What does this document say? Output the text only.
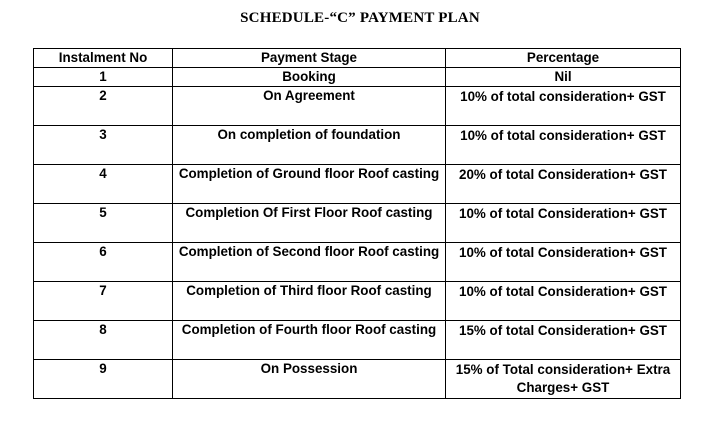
SCHEDULE-“C” PAYMENT PLAN
Instalment No	Payment Stage	Percentage
1	Booking	Nil
2	On Agreement	10% of total consideration+ GST

3	On completion of foundation	10% of total consideration+ GST

4	Completion of Ground floor Roof casting	20% of total Consideration+ GST

5	Completion Of First Floor Roof casting	10% of total Consideration+ GST

6	Completion of Second floor Roof casting	10% of total Consideration+ GST

7	Completion of Third floor Roof casting	10% of total Consideration+ GST

8	Completion of Fourth floor Roof casting	15% of total Consideration+ GST

9	On Possession	15% of Total consideration+ Extra Charges+ GST
